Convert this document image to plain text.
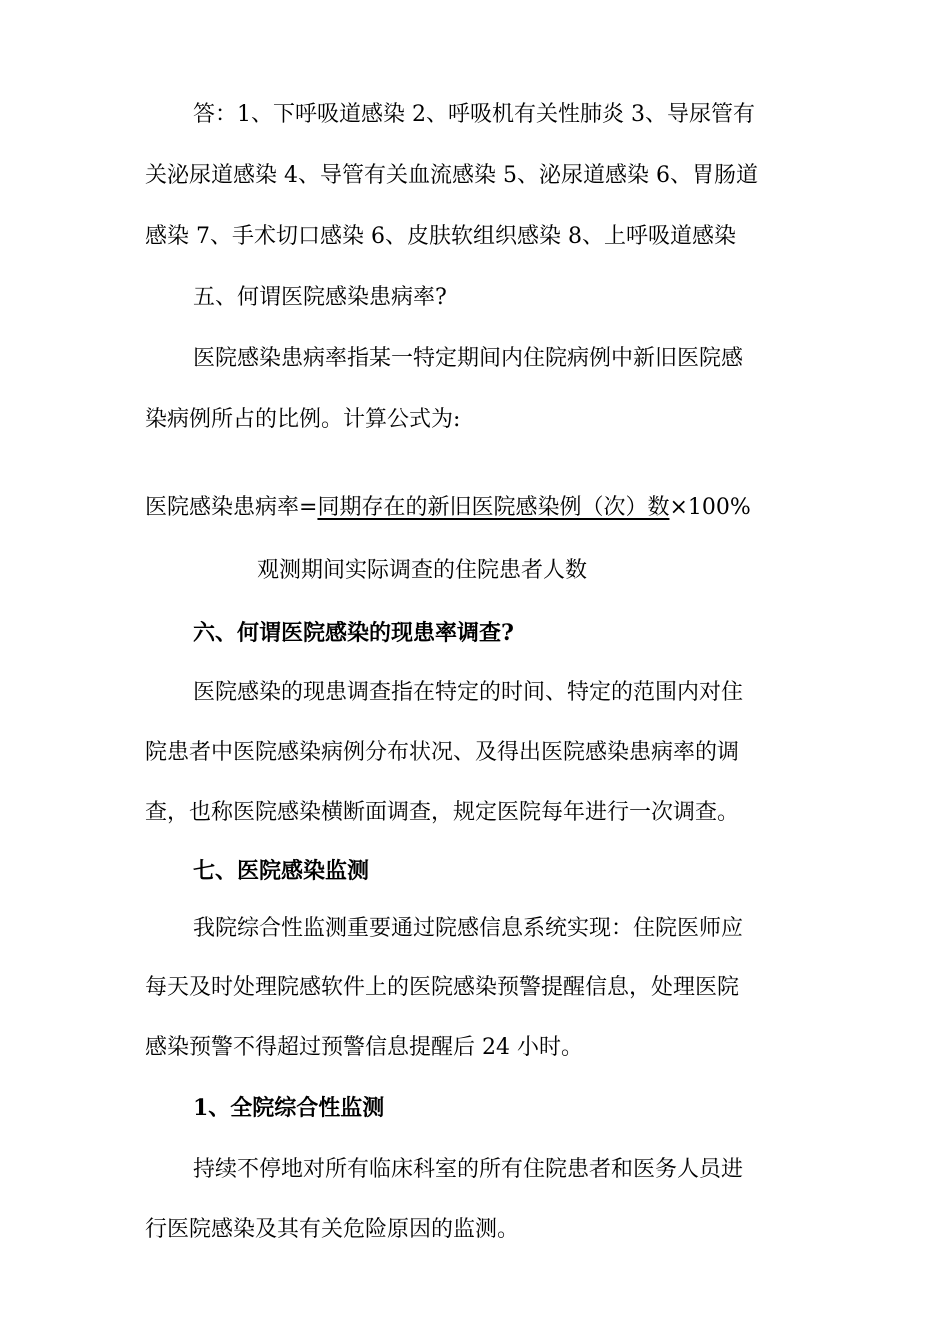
答：1、下呼吸道感染 2、呼吸机有关性肺炎 3、导尿管有
关泌尿道感染 4、导管有关血流感染 5、泌尿道感染 6、胃肠道
感染 7、手术切口感染 6、皮肤软组织感染 8、上呼吸道感染
五、何谓医院感染患病率?
医院感染患病率指某一特定期间内住院病例中新旧医院感
染病例所占的比例。计算公式为:
医院感染患病率=同期存在的新旧医院感染例（次）数×100%
观测期间实际调查的住院患者人数
六、何谓医院感染的现患率调查?
医院感染的现患调查指在特定的时间、特定的范围内对住
院患者中医院感染病例分布状况、及得出医院感染患病率的调
查，也称医院感染横断面调查，规定医院每年进行一次调查。
七、医院感染监测
我院综合性监测重要通过院感信息系统实现：住院医师应
每天及时处理院感软件上的医院感染预警提醒信息，处理医院
感染预警不得超过预警信息提醒后 24 小时。
1、全院综合性监测
持续不停地对所有临床科室的所有住院患者和医务人员进
行医院感染及其有关危险原因的监测。
